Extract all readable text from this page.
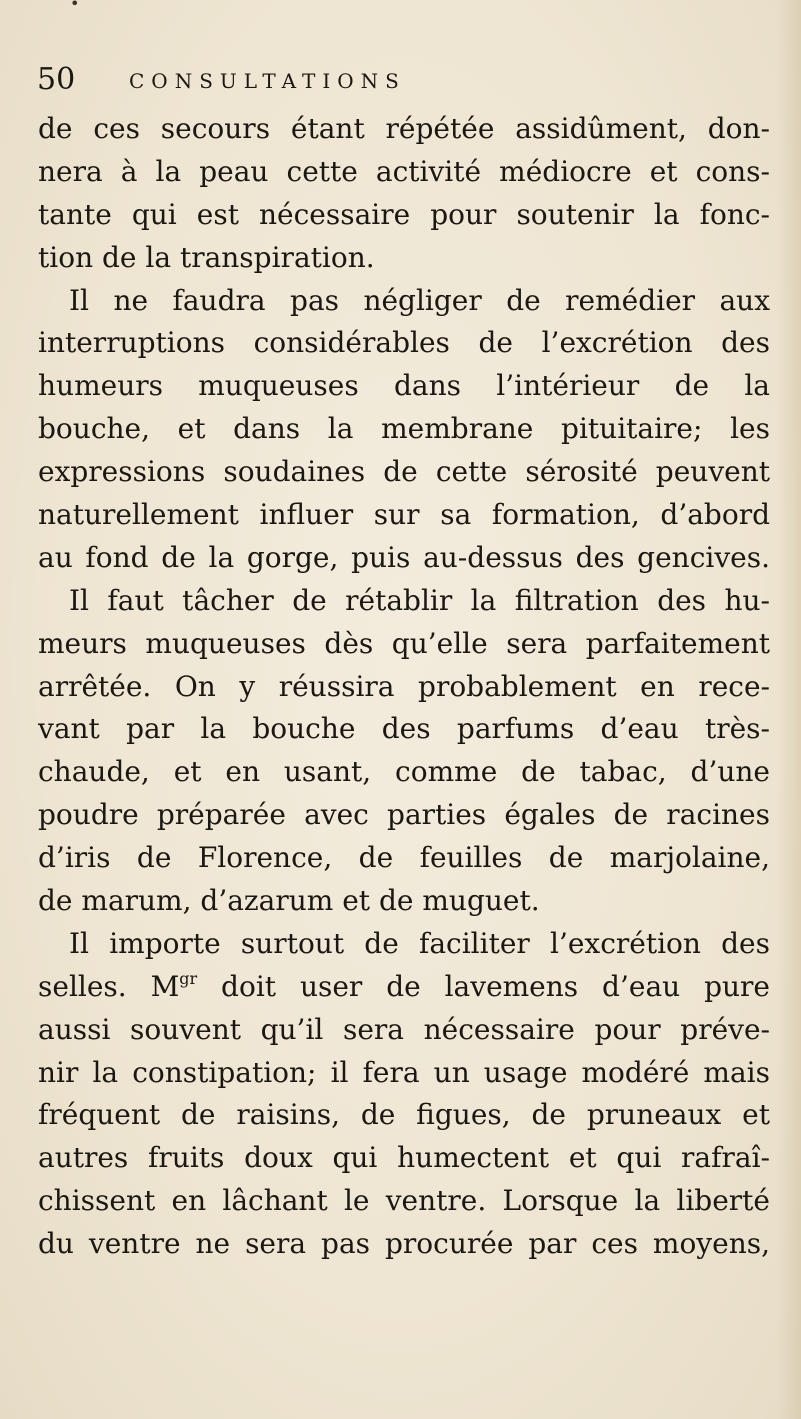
•
50	CONSULTATIONS
de ces secours étant répétée assidûment, don-
nera à la peau cette activité médiocre et cons-
tante qui est nécessaire pour soutenir la fonc-
tion de la transpiration.
Il ne faudra pas négliger de remédier aux
interruptions considérables de l’excrétion des
humeurs muqueuses dans l’intérieur de la
bouche, et dans la membrane pituitaire; les
expressions soudaines de cette sérosité peuvent
naturellement influer sur sa formation, d’abord
au fond de la gorge, puis au-dessus des gencives.
Il faut tâcher de rétablir la filtration des hu-
meurs muqueuses dès qu’elle sera parfaitement
arrêtée. On y réussira probablement en rece-
vant par la bouche des parfums d’eau très-
chaude, et en usant, comme de tabac, d’une
poudre préparée avec parties égales de racines
d’iris de Florence, de feuilles de marjolaine,
de marum, d’azarum et de muguet.
Il importe surtout de faciliter l’excrétion des
selles. $M^{gr}$ doit user de lavemens d’eau pure
aussi souvent qu’il sera nécessaire pour préve-
nir la constipation; il fera un usage modéré mais
fréquent de raisins, de figues, de pruneaux et
autres fruits doux qui humectent et qui rafraî-
chissent en lâchant le ventre. Lorsque la liberté
du ventre ne sera pas procurée par ces moyens,
